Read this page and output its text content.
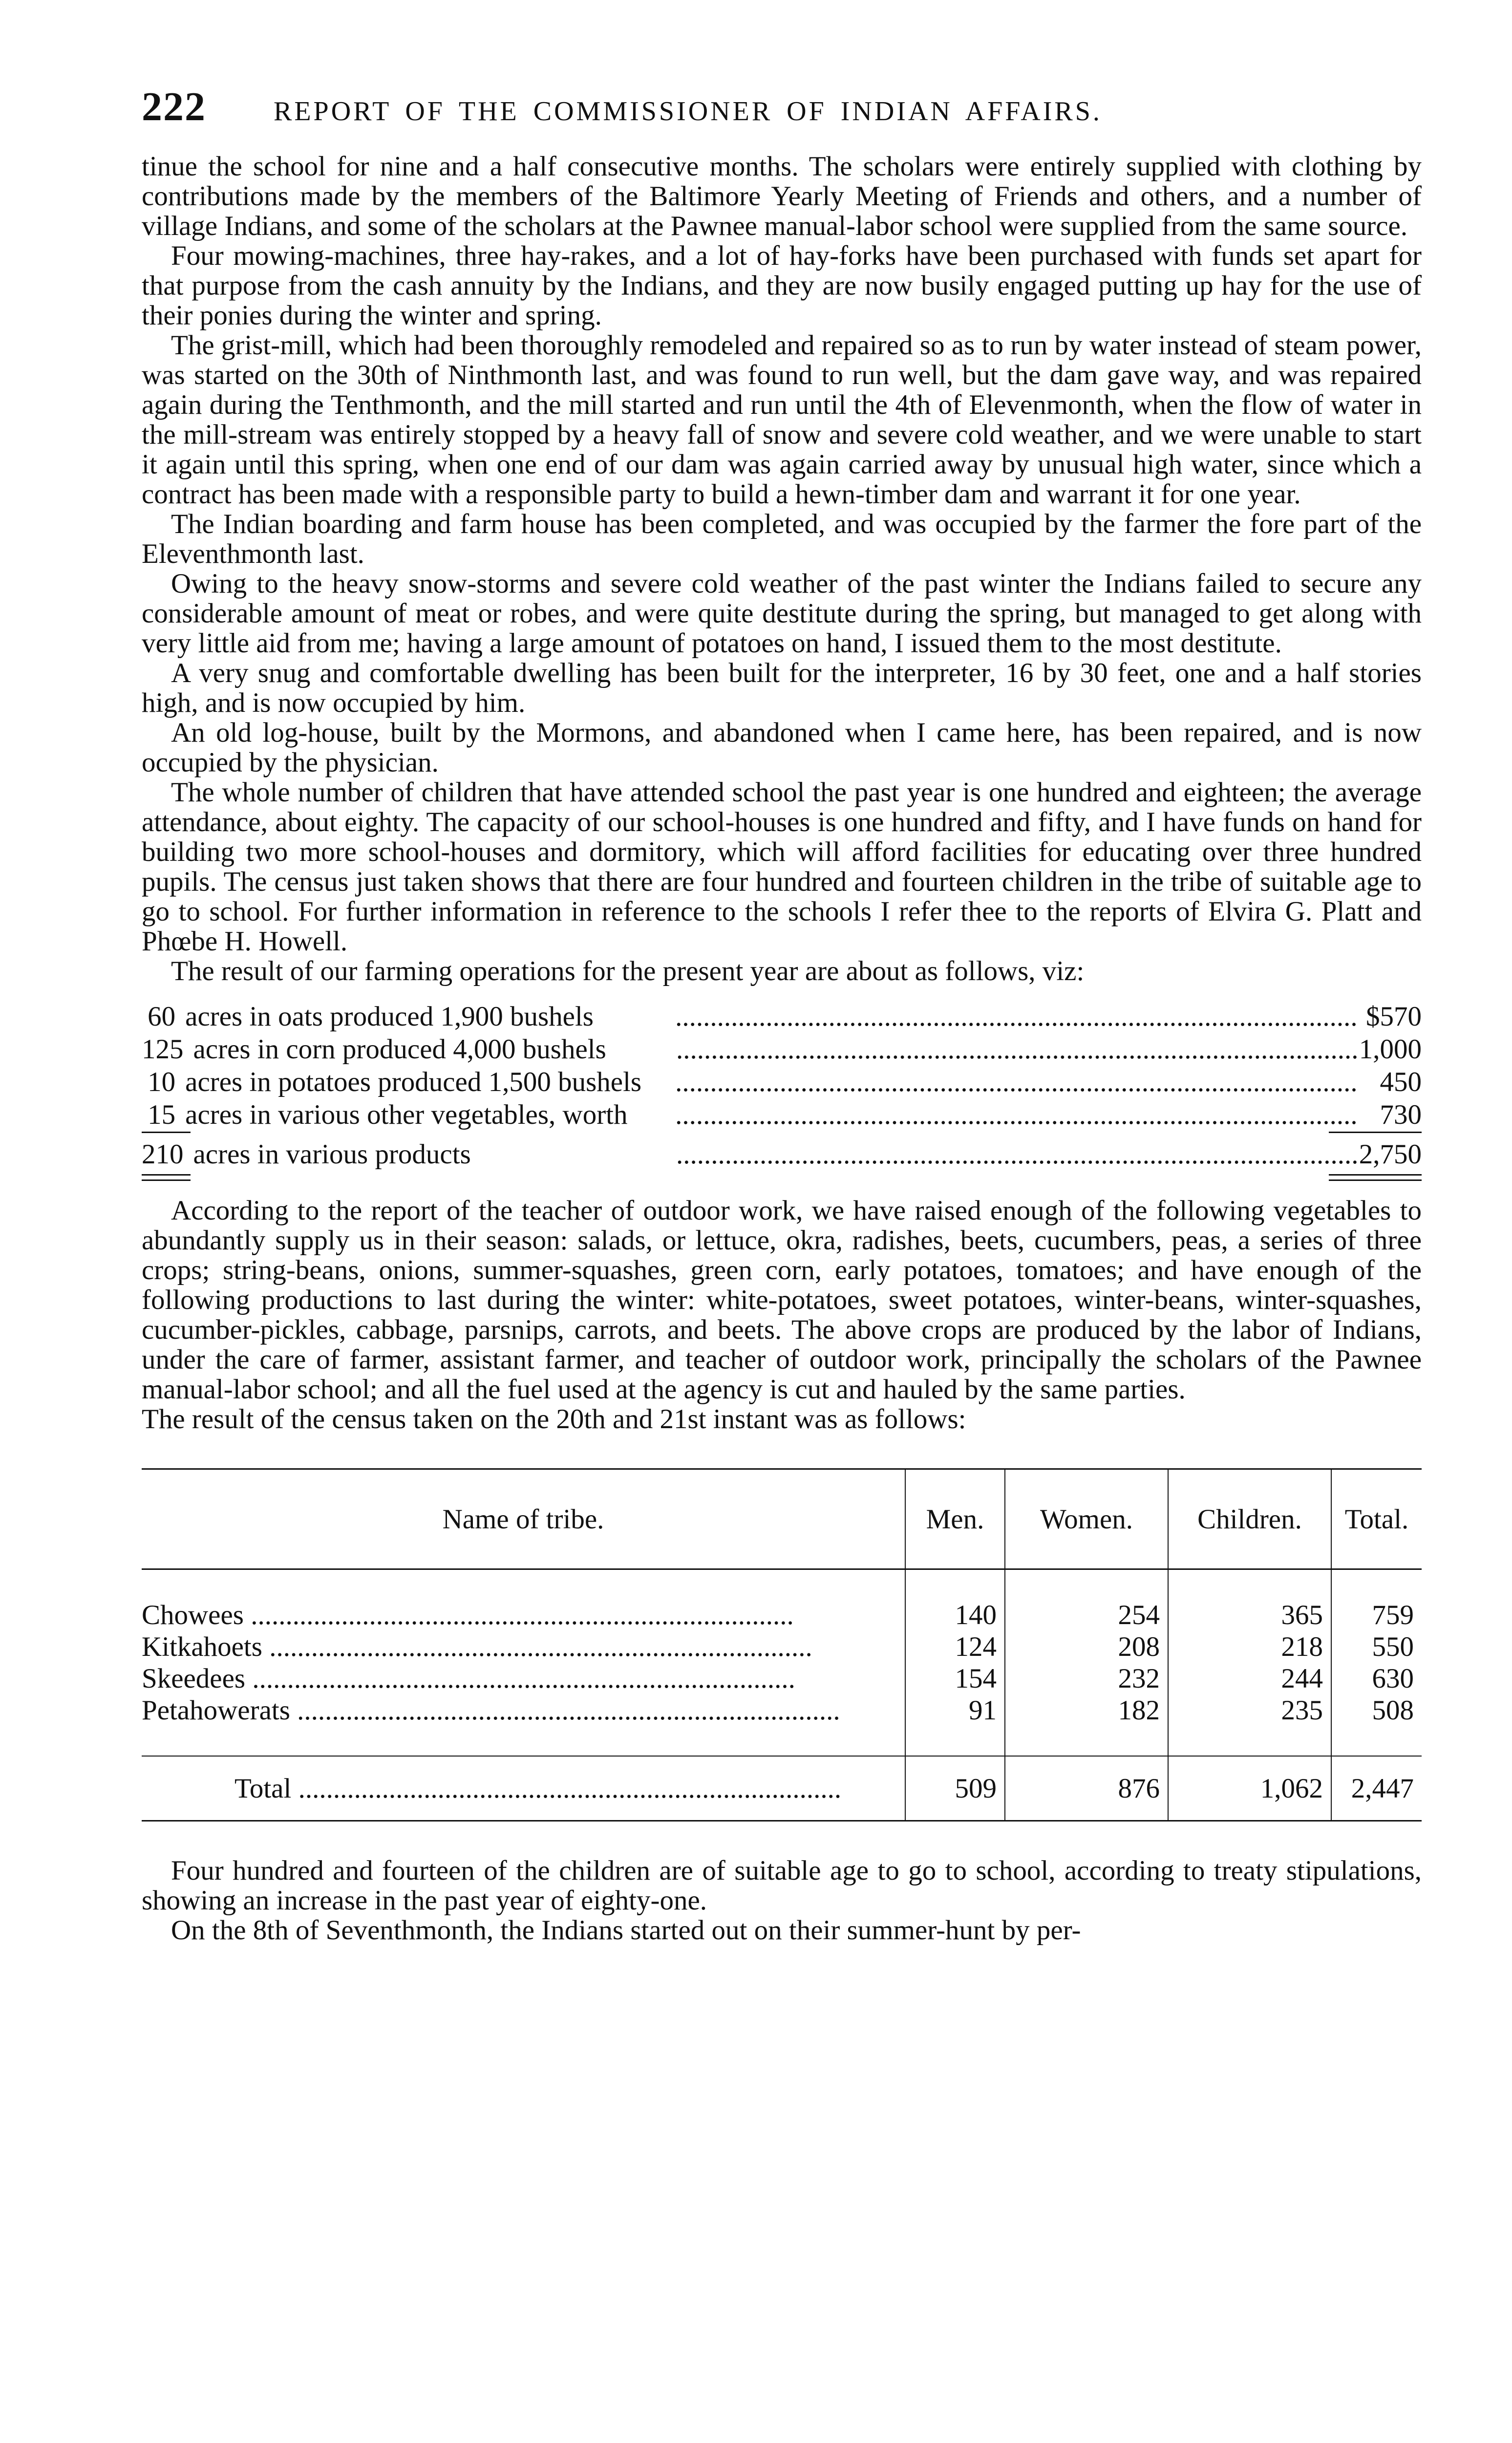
222	REPORT OF THE COMMISSIONER OF INDIAN AFFAIRS.

tinue the school for nine and a half consecutive months. The scholars were entirely supplied with clothing by contributions made by the members of the Baltimore Yearly Meeting of Friends and others, and a number of village Indians, and some of the scholars at the Pawnee manual-labor school were supplied from the same source.

Four mowing-machines, three hay-rakes, and a lot of hay-forks have been purchased with funds set apart for that purpose from the cash annuity by the Indians, and they are now busily engaged putting up hay for the use of their ponies during the winter and spring.

The grist-mill, which had been thoroughly remodeled and repaired so as to run by water instead of steam power, was started on the 30th of Ninthmonth last, and was found to run well, but the dam gave way, and was repaired again during the Tenthmonth, and the mill started and run until the 4th of Elevenmonth, when the flow of water in the mill-stream was entirely stopped by a heavy fall of snow and severe cold weather, and we were unable to start it again until this spring, when one end of our dam was again carried away by unusual high water, since which a contract has been made with a responsible party to build a hewn-timber dam and warrant it for one year.

The Indian boarding and farm house has been completed, and was occupied by the farmer the fore part of the Eleventhmonth last.

Owing to the heavy snow-storms and severe cold weather of the past winter the Indians failed to secure any considerable amount of meat or robes, and were quite destitute during the spring, but managed to get along with very little aid from me; having a large amount of potatoes on hand, I issued them to the most destitute.

A very snug and comfortable dwelling has been built for the interpreter, 16 by 30 feet, one and a half stories high, and is now occupied by him.

An old log-house, built by the Mormons, and abandoned when I came here, has been repaired, and is now occupied by the physician.

The whole number of children that have attended school the past year is one hundred and eighteen; the average attendance, about eighty. The capacity of our school-houses is one hundred and fifty, and I have funds on hand for building two more school-houses and dormitory, which will afford facilities for educating over three hundred pupils. The census just taken shows that there are four hundred and fourteen children in the tribe of suitable age to go to school. For further information in reference to the schools I refer thee to the reports of Elvira G. Platt and Phœbe H. Howell.

The result of our farming operations for the present year are about as follows, viz:

60 acres in oats produced 1,900 bushels	.................................................................................................. $570
125 acres in corn produced 4,000 bushels	.................................................................................................. 1,000
10 acres in potatoes produced 1,500 bushels	.................................................................................................. 450
15 acres in various other vegetables, worth	.................................................................................................. 730
210 acres in various products	.................................................................................................. 2,750

According to the report of the teacher of outdoor work, we have raised enough of the following vegetables to abundantly supply us in their season: salads, or lettuce, okra, radishes, beets, cucumbers, peas, a series of three crops; string-beans, onions, summer-squashes, green corn, early potatoes, tomatoes; and have enough of the following productions to last during the winter: white-potatoes, sweet potatoes, winter-beans, winter-squashes, cucumber-pickles, cabbage, parsnips, carrots, and beets. The above crops are produced by the labor of Indians, under the care of farmer, assistant farmer, and teacher of outdoor work, principally the scholars of the Pawnee manual-labor school; and all the fuel used at the agency is cut and hauled by the same parties.

The result of the census taken on the 20th and 21st instant was as follows:

Name of tribe.	Men.	Women.	Children.	Total.

Chowees ..............................................................................	140	254	365	759
Kitkahoets ..............................................................................	124	208	218	550
Skeedees ..............................................................................	154	232	244	630
Petahowerats ..............................................................................	91	182	235	508

Total ..............................................................................	509	876	1,062	2,447

Four hundred and fourteen of the children are of suitable age to go to school, according to treaty stipulations, showing an increase in the past year of eighty-one.

On the 8th of Seventhmonth, the Indians started out on their summer-hunt by per-
